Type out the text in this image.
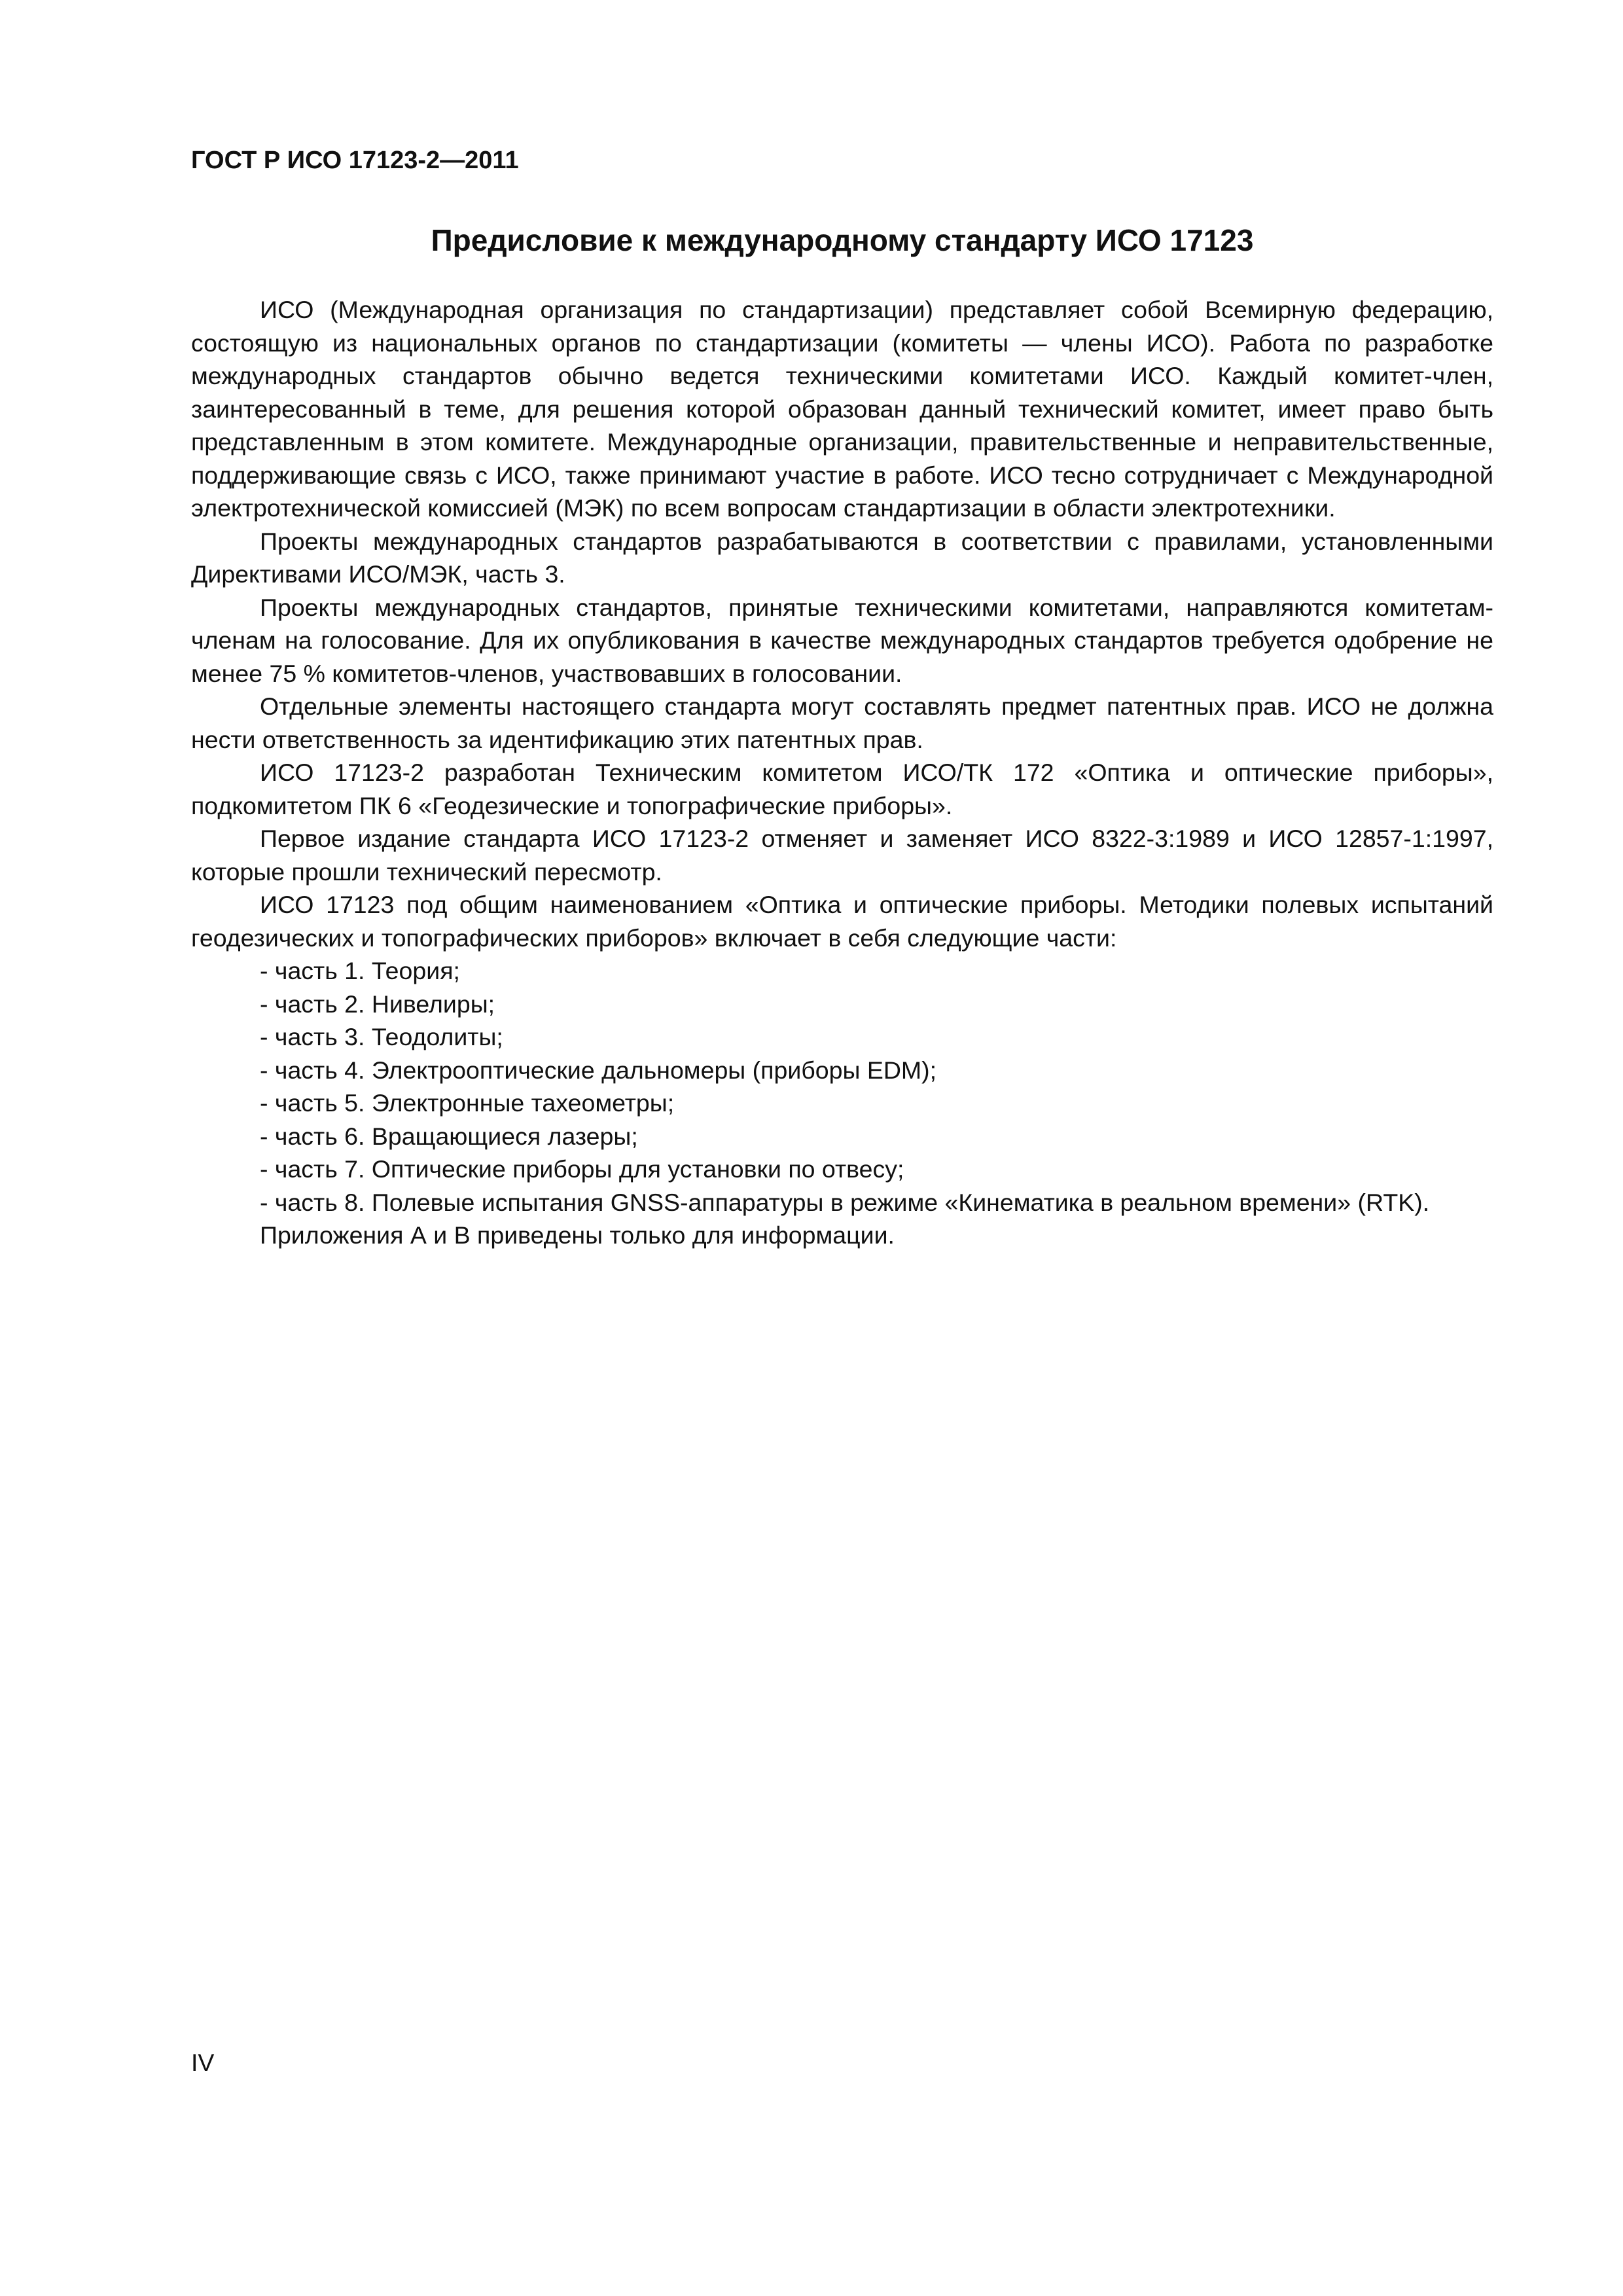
ГОСТ Р ИСО 17123-2—2011
Предисловие к международному стандарту ИСО 17123

ИСО (Международная организация по стандартизации) представляет собой Всемирную федерацию, состоящую из национальных органов по стандартизации (комитеты — члены ИСО). Работа по разработке международных стандартов обычно ведется техническими комитетами ИСО. Каждый комитет-член, заинтересованный в теме, для решения которой образован данный технический комитет, имеет право быть представленным в этом комитете. Международные организации, правительственные и неправительственные, поддерживающие связь с ИСО, также принимают участие в работе. ИСО тесно сотрудничает с Международной электротехнической комиссией (МЭК) по всем вопросам стандартизации в области электротехники.

Проекты международных стандартов разрабатываются в соответствии с правилами, установленными Директивами ИСО/МЭК, часть 3.

Проекты международных стандартов, принятые техническими комитетами, направляются комитетам-членам на голосование. Для их опубликования в качестве международных стандартов требуется одобрение не менее 75 % комитетов-членов, участвовавших в голосовании.

Отдельные элементы настоящего стандарта могут составлять предмет патентных прав. ИСО не должна нести ответственность за идентификацию этих патентных прав.

ИСО 17123-2 разработан Техническим комитетом ИСО/ТК 172 «Оптика и оптические приборы», подкомитетом ПК 6 «Геодезические и топографические приборы».

Первое издание стандарта ИСО 17123-2 отменяет и заменяет ИСО 8322-3:1989 и ИСО 12857-1:1997, которые прошли технический пересмотр.

ИСО 17123 под общим наименованием «Оптика и оптические приборы. Методики полевых испытаний геодезических и топографических приборов» включает в себя следующие части:

- часть 1. Теория;

- часть 2. Нивелиры;

- часть 3. Теодолиты;

- часть 4. Электрооптические дальномеры (приборы EDM);

- часть 5. Электронные тахеометры;

- часть 6. Вращающиеся лазеры;

- часть 7. Оптические приборы для установки по отвесу;

- часть 8. Полевые испытания GNSS-аппаратуры в режиме «Кинематика в реальном времени» (RTK).

Приложения А и В приведены только для информации.

IV
